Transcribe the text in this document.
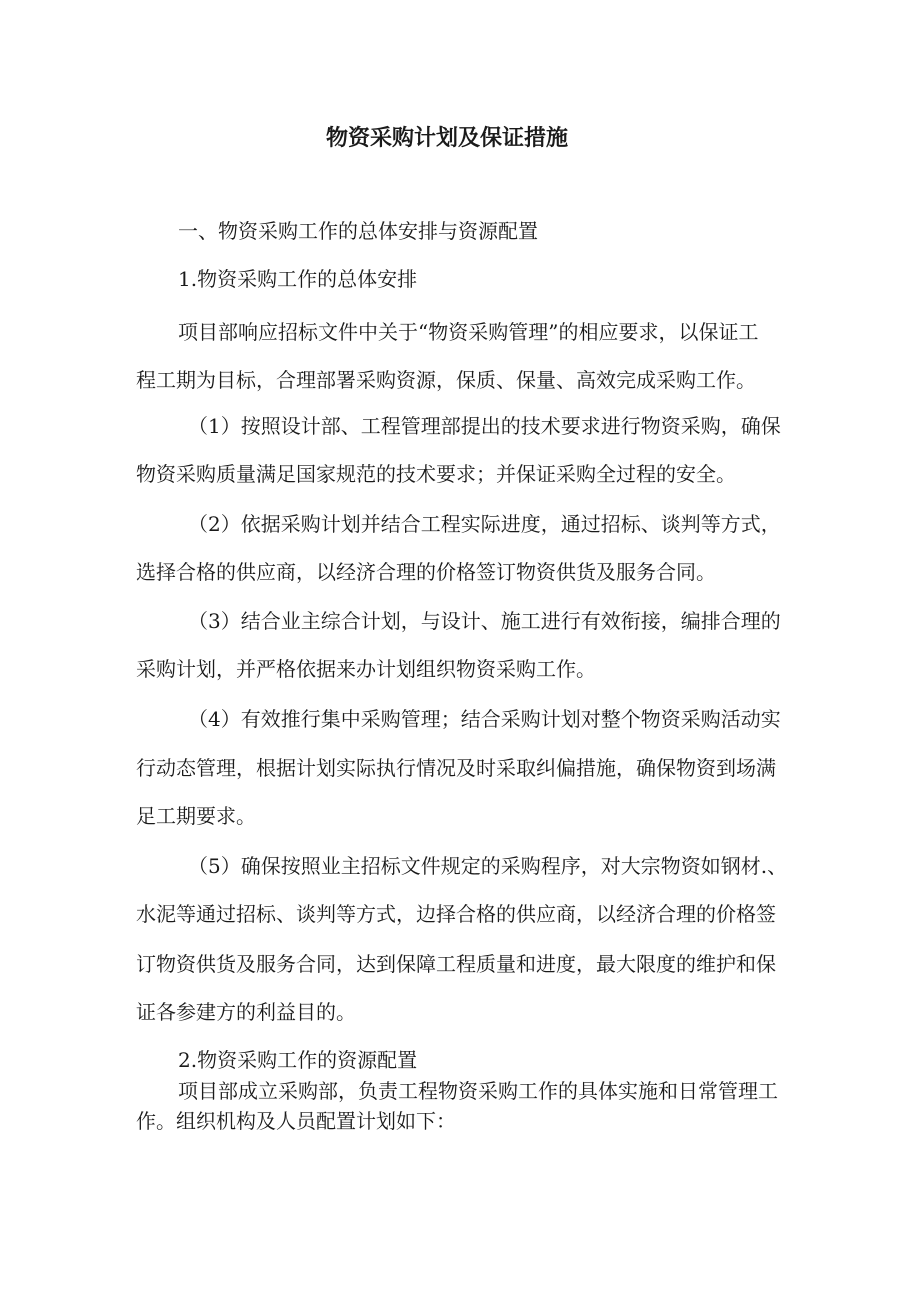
物资采购计划及保证措施

一、物资采购工作的总体安排与资源配置

1.物资采购工作的总体安排

项目部响应招标文件中关于“物资采购管理”的相应要求，以保证工

程工期为目标，合理部署采购资源，保质、保量、高效完成采购工作。

（1）按照设计部、工程管理部提出的技术要求进行物资采购，确保

物资采购质量满足国家规范的技术要求；并保证采购全过程的安全。

（2）依据采购计划并结合工程实际进度，通过招标、谈判等方式，

选择合格的供应商，以经济合理的价格签订物资供货及服务合同。

（3）结合业主综合计划，与设计、施工进行有效衔接，编排合理的

采购计划，并严格依据来办计划组织物资采购工作。

（4）有效推行集中采购管理；结合采购计划对整个物资采购活动实

行动态管理，根据计划实际执行情况及时采取纠偏措施，确保物资到场满

足工期要求。

（5）确保按照业主招标文件规定的采购程序，对大宗物资如钢材.、

水泥等通过招标、谈判等方式，边择合格的供应商，以经济合理的价格签

订物资供货及服务合同，达到保障工程质量和进度，最大限度的维护和保

证各参建方的利益目的。

2.物资采购工作的资源配置

项目部成立采购部，负责工程物资采购工作的具体实施和日常管理工

作。组织机构及人员配置计划如下：
